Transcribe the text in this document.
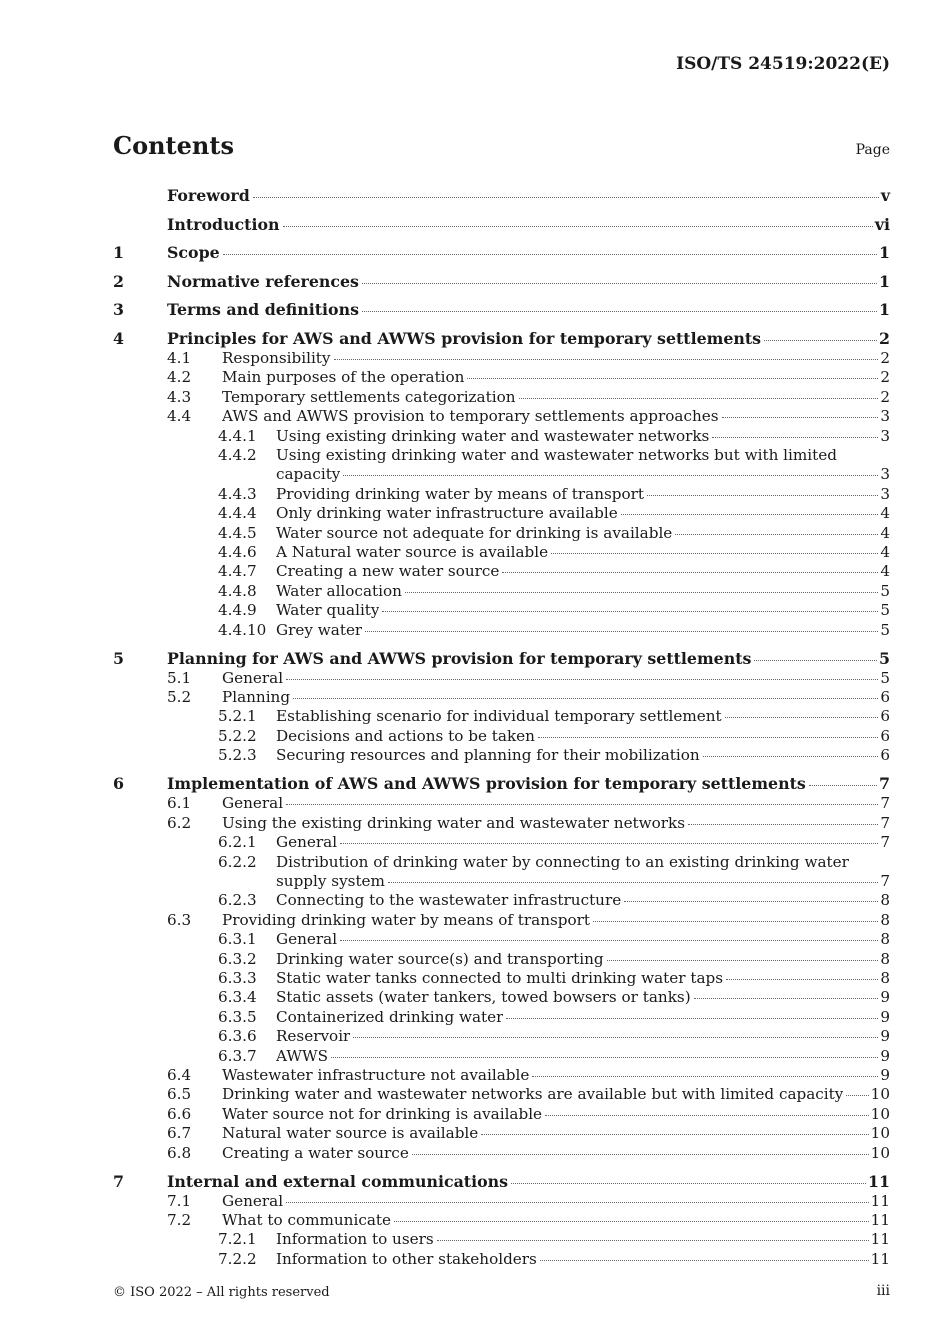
ISO/TS 24519:2022(E)
Contents	Page
Foreword	v
Introduction	vi
1	Scope	1
2	Normative references	1
3	Terms and definitions	1
4	Principles for AWS and AWWS provision for temporary settlements	2
4.1	Responsibility	2
4.2	Main purposes of the operation	2
4.3	Temporary settlements categorization	2
4.4	AWS and AWWS provision to temporary settlements approaches	3
4.4.1	Using existing drinking water and wastewater networks	3
4.4.2	Using existing drinking water and wastewater networks but with limited
capacity	3
4.4.3	Providing drinking water by means of transport	3
4.4.4	Only drinking water infrastructure available	4
4.4.5	Water source not adequate for drinking is available	4
4.4.6	A Natural water source is available	4
4.4.7	Creating a new water source	4
4.4.8	Water allocation	5
4.4.9	Water quality	5
4.4.10 Grey water	5
5	Planning for AWS and AWWS provision for temporary settlements	5
5.1	General	5
5.2	Planning	6
5.2.1	Establishing scenario for individual temporary settlement	6
5.2.2	Decisions and actions to be taken	6
5.2.3	Securing resources and planning for their mobilization	6
6	Implementation of AWS and AWWS provision for temporary settlements	7
6.1	General	7
6.2	Using the existing drinking water and wastewater networks	7
6.2.1	General	7
6.2.2	Distribution of drinking water by connecting to an existing drinking water
supply system	7
6.2.3	Connecting to the wastewater infrastructure	8
6.3	Providing drinking water by means of transport	8
6.3.1	General	8
6.3.2	Drinking water source(s) and transporting	8
6.3.3	Static water tanks connected to multi drinking water taps	8
6.3.4	Static assets (water tankers, towed bowsers or tanks)	9
6.3.5	Containerized drinking water	9
6.3.6	Reservoir	9
6.3.7	AWWS	9
6.4	Wastewater infrastructure not available	9
6.5	Drinking water and wastewater networks are available but with limited capacity 10
6.6	Water source not for drinking is available	10
6.7	Natural water source is available	10
6.8	Creating a water source	10
7	Internal and external communications	11
7.1	General	11
7.2	What to communicate	11
7.2.1	Information to users	11
7.2.2	Information to other stakeholders	11
© ISO 2022 – All rights reserved	iii
